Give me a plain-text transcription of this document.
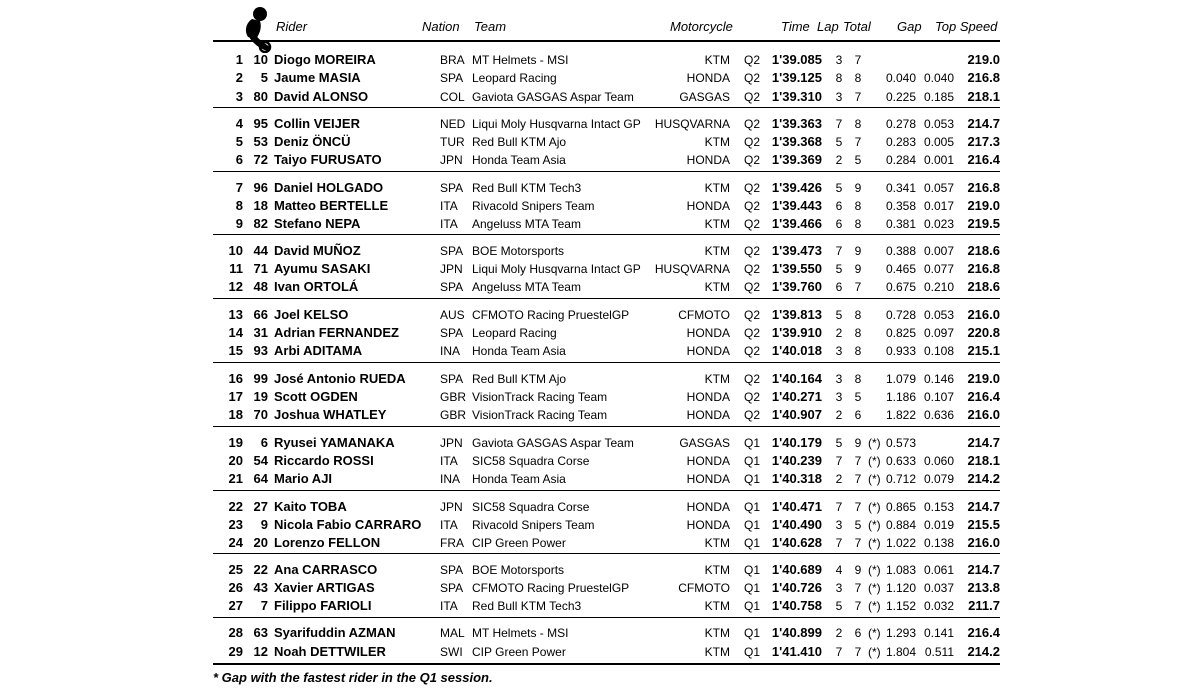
Rider	Nation Team	Motorcycle	Time Lap Total Gap Top Speed
1 10 Diogo MOREIRA	BRA MT Helmets - MSI	KTM Q2 1'39.085	3	7	219.0
2	5 Jaume MASIA	SPA Leopard Racing	HONDA Q2 1'39.125	8	8	0.040 0.040	216.8
3 80 David ALONSO	COL Gaviota GASGAS Aspar Team	GASGAS Q2 1'39.310	3	7	0.225 0.185	218.1
4 95 Collin VEIJER	NED Liqui Moly Husqvarna Intact GP	HUSQVARNA Q2 1'39.363	7	8	0.278 0.053	214.7
5 53 Deniz ÖNCÜ	TUR Red Bull KTM Ajo	KTM Q2 1'39.368	5	7	0.283 0.005	217.3
6 72 Taiyo FURUSATO	JPN Honda Team Asia	HONDA Q2 1'39.369	2	5	0.284 0.001	216.4
7 96 Daniel HOLGADO	SPA Red Bull KTM Tech3	KTM Q2 1'39.426	5	9	0.341 0.057	216.8
8 18 Matteo BERTELLE	ITA Rivacold Snipers Team	HONDA Q2 1'39.443	6	8	0.358 0.017	219.0
9 82 Stefano NEPA	ITA Angeluss MTA Team	KTM Q2 1'39.466	6	8	0.381 0.023	219.5
10 44 David MUÑOZ	SPA BOE Motorsports	KTM Q2 1'39.473	7	9	0.388 0.007	218.6
11 71 Ayumu SASAKI	JPN Liqui Moly Husqvarna Intact GP	HUSQVARNA Q2 1'39.550	5	9	0.465 0.077	216.8
12 48 Ivan ORTOLÁ	SPA Angeluss MTA Team	KTM Q2 1'39.760	6	7	0.675 0.210	218.6
13 66 Joel KELSO	AUS CFMOTO Racing PruestelGP	CFMOTO Q2 1'39.813	5	8	0.728 0.053	216.0
14 31 Adrian FERNANDEZ	SPA Leopard Racing	HONDA Q2 1'39.910	2	8	0.825 0.097	220.8
15 93 Arbi ADITAMA	INA Honda Team Asia	HONDA Q2 1'40.018	3	8	0.933 0.108	215.1
16 99 José Antonio RUEDA	SPA Red Bull KTM Ajo	KTM Q2 1'40.164	3	8	1.079 0.146	219.0
17 19 Scott OGDEN	GBR VisionTrack Racing Team	HONDA Q2 1'40.271	3	5	1.186 0.107	216.4
18 70 Joshua WHATLEY	GBR VisionTrack Racing Team	HONDA Q2 1'40.907	2	6	1.822 0.636	216.0
19	6 Ryusei YAMANAKA	JPN Gaviota GASGAS Aspar Team	GASGAS Q1 1'40.179	5	9 (*) 0.573	214.7
20 54 Riccardo ROSSI	ITA SIC58 Squadra Corse	HONDA Q1 1'40.239	7	7 (*) 0.633 0.060	218.1
21 64 Mario AJI	INA Honda Team Asia	HONDA Q1 1'40.318	2	7 (*) 0.712 0.079	214.2
22 27 Kaito TOBA	JPN SIC58 Squadra Corse	HONDA Q1 1'40.471	7	7 (*) 0.865 0.153	214.7
23	9 Nicola Fabio CARRARO ITA Rivacold Snipers Team	HONDA Q1 1'40.490	3	5 (*) 0.884 0.019	215.5
24 20 Lorenzo FELLON	FRA CIP Green Power	KTM Q1 1'40.628	7	7 (*) 1.022 0.138	216.0
25 22 Ana CARRASCO	SPA BOE Motorsports	KTM Q1 1'40.689	4	9 (*) 1.083 0.061	214.7
26 43 Xavier ARTIGAS	SPA CFMOTO Racing PruestelGP	CFMOTO Q1 1'40.726	3	7 (*) 1.120 0.037	213.8
27	7 Filippo FARIOLI	ITA Red Bull KTM Tech3	KTM Q1 1'40.758	5	7 (*) 1.152 0.032	211.7
28 63 Syarifuddin AZMAN	MAL MT Helmets - MSI	KTM Q1 1'40.899	2	6 (*) 1.293 0.141	216.4
29 12 Noah DETTWILER	SWI CIP Green Power	KTM Q1 1'41.410	7	7 (*) 1.804 0.511	214.2
* Gap with the fastest rider in the Q1 session.
